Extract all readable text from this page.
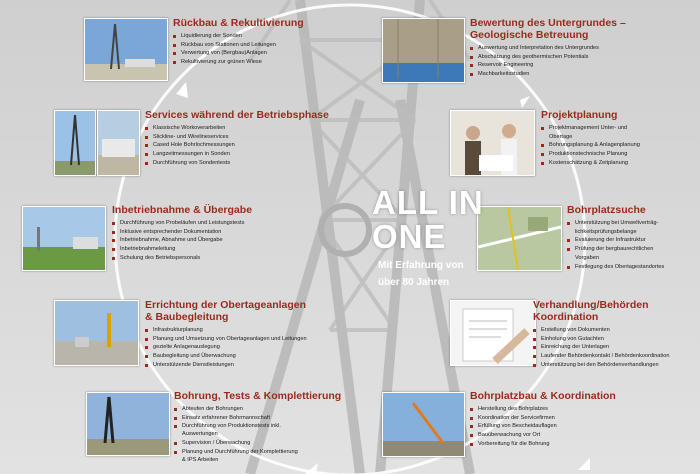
ALL IN
ONE
Mit Erfahrung von
über 80 Jahren
Rückbau & Rekultivierung
Liquidierung der Sonden
Rückbau von Stationen und Leitungen
Verwertung von (Bergbau)Anlagen
Rekultivierung zur grünen Wiese
Services während der Betriebsphase
Klassische Workoverarbeiten
Slickline- und Wirelineservices
Cased Hole Bohrlochmessungen
Langzeitmessungen in Sonden
Durchführung von Sondentests
Inbetriebnahme & Übergabe
Durchführung von Probeläufen und Leistungstests
Inklusive entsprechender Dokumentation
Inbetriebnahme, Abnahme und Übergabe
Inbetriebnahmeleitung
Schulung des Betriebspersonals
Errichtung der Obertageanlagen
& Baubegleitung
Infrastrukturplanung
Planung und Umsetzung von Obertageanlagen und Leitungen
gezielte Anlagenauslegung
Baubegleitung und Überwachung
Unterstützende Dienstleistungen
Bohrung, Tests & Komplettierung
Abteufen der Bohrungen
Einsatz erfahrener Bohrmannschaft
Durchführung von Produktionstests inkl.
Auswertungen
Supervision / Überwachung
Planung und Durchführung der Komplettierung
& IPS Arbeiten
Bewertung des Untergrundes –
Geologische Betreuung
Auswertung und Interpretation des Untergrundes
Abschätzung des geothermischen Potentials
Reservoir Engineering
Machbarkeitsstudien
Projektplanung
Projektmanagement Unter- und
Obertage
Bohrungsplanung & Anlagenplanung
Produktionstechnische Planung
Kostenschätzung & Zeitplanung
Bohrplatzsuche
Unterstützung bei Umweltverträg-
lichkeitsprüfungsbelange
Evaluierung der Infrastruktur
Prüfung der bergbaurechtlichen
Vorgaben
Festlegung des Obertagestandortes
Verhandlung/Behörden
Koordination
Erstellung von Dokumenten
Einholung von Gutachten
Einreichung der Unterlagen
Laufender Behördenkontakt / Behördenkoordination
Unterstützung bei den Behördenverhandlungen
Bohrplatzbau & Koordination
Herstellung des Bohrplatzes
Koordination der Servicefirmen
Erfüllung von Bescheidauflagen
Bauüberwachung vor Ort
Vorbereitung für die Bohrung
